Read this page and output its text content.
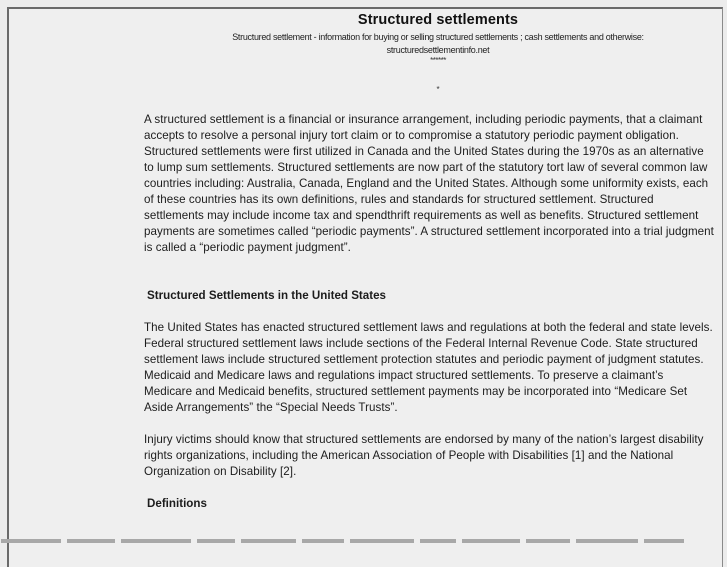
Structured settlements
Structured settlement - information for buying or selling structured settlements ; cash settlements and otherwise:
structuredsettlementinfo.net
******
*

A structured settlement is a financial or insurance arrangement, including periodic payments, that a claimant accepts to resolve a personal injury tort claim or to compromise a statutory periodic payment obligation. Structured settlements were first utilized in Canada and the United States during the 1970s as an alternative to lump sum settlements. Structured settlements are now part of the statutory tort law of several common law countries including: Australia, Canada, England and the United States. Although some uniformity exists, each of these countries has its own definitions, rules and standards for structured settlement. Structured settlements may include income tax and spendthrift requirements as well as benefits. Structured settlement payments are sometimes called “periodic payments”. A structured settlement incorporated into a trial judgment is called a “periodic payment judgment”.

Structured Settlements in the United States

The United States has enacted structured settlement laws and regulations at both the federal and state levels. Federal structured settlement laws include sections of the Federal Internal Revenue Code. State structured settlement laws include structured settlement protection statutes and periodic payment of judgment statutes. Medicaid and Medicare laws and regulations impact structured settlements. To preserve a claimant’s Medicare and Medicaid benefits, structured settlement payments may be incorporated into “Medicare Set Aside Arrangements” the “Special Needs Trusts”.

Injury victims should know that structured settlements are endorsed by many of the nation’s largest disability rights organizations, including the American Association of People with Disabilities [1] and the National Organization on Disability [2].

Definitions
